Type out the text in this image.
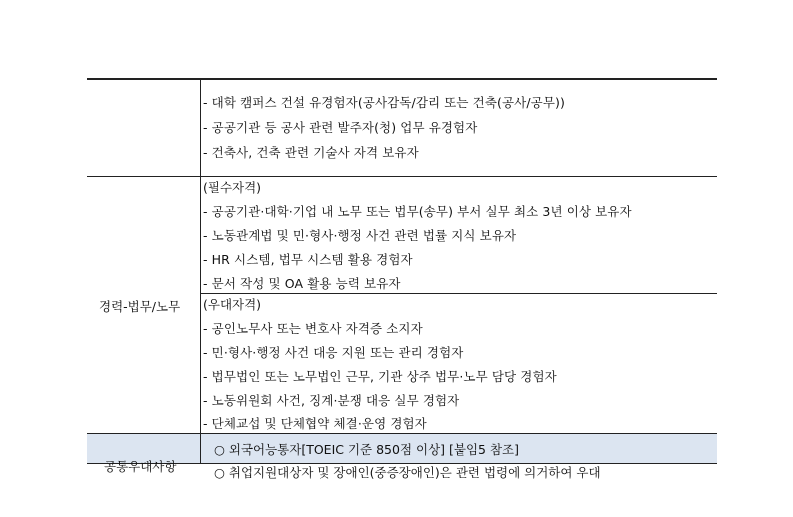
- 대학 캠퍼스 건설 유경험자(공사감독/감리 또는 건축(공사/공무))
- 공공기관 등 공사 관련 발주자(청) 업무 유경험자
- 건축사, 건축 관련 기술사 자격 보유자
경력-법무/노무
(필수자격)
- 공공기관·대학·기업 내 노무 또는 법무(송무) 부서 실무 최소 3년 이상 보유자
- 노동관계법 및 민·형사·행정 사건 관련 법률 지식 보유자
- HR 시스템, 법무 시스템 활용 경험자
- 문서 작성 및 OA 활용 능력 보유자
(우대자격)
- 공인노무사 또는 변호사 자격증 소지자
- 민·형사·행정 사건 대응 지원 또는 관리 경험자
- 법무법인 또는 노무법인 근무, 기관 상주 법무·노무 담당 경험자
- 노동위원회 사건, 징계·분쟁 대응 실무 경험자
- 단체교섭 및 단체협약 체결·운영 경험자
공통우대사항
○ 외국어능통자[TOEIC 기준 850점 이상] [붙임5 참조]
○ 취업지원대상자 및 장애인(중증장애인)은 관련 법령에 의거하여 우대
